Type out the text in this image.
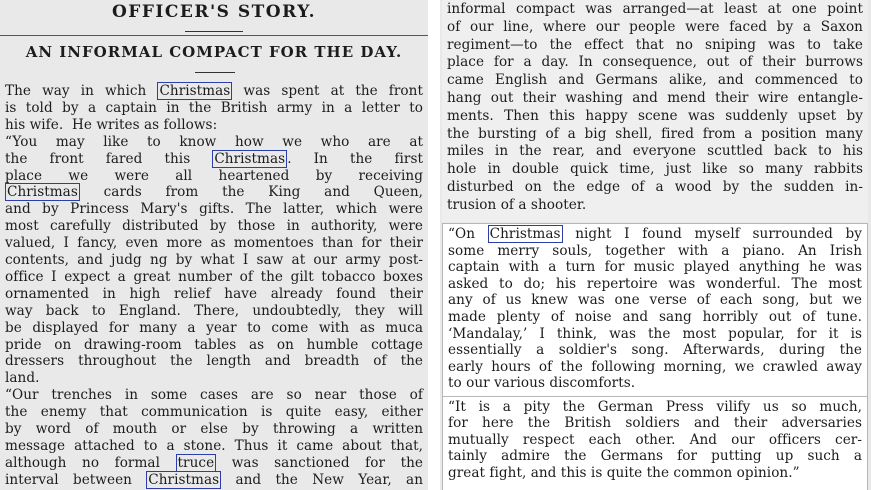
OFFICER'S STORY.
AN INFORMAL COMPACT FOR THE DAY.
The way in which Christmas was spent at the front
is told by a captain in the British army in a letter to
his wife.  He writes as follows:
“You may like to know how we who are at
the front fared this Christmas . In the first
place we were all heartened by receiving
Christmas cards from the King and Queen,
and by Princess Mary's gifts. The latter, which were
most carefully distributed by those in authority, were
valued, I fancy, even more as momentoes than for their
contents, and judg ng by what I saw at our army post-
office I expect a great number of the gilt tobacco boxes
ornamented in high relief have already found their
way back to England. There, undoubtedly, they will
be displayed for many a year to come with as muca
pride on drawing-room tables as on humble cottage
dressers throughout the length and breadth of the
land.
“Our trenches in some cases are so near those of
the enemy that communication is quite easy, either
by word of mouth or else by throwing a written
message attached to a stone. Thus it came about that,
although no formal truce was sanctioned for the
interval between Christmas and the New Year, an
informal compact was arranged—at least at one point
of our line, where our people were faced by a Saxon
regiment—to the effect that no sniping was to take
place for a day. In consequence, out of their burrows
came English and Germans alike, and commenced to
hang out their washing and mend their wire entangle-
ments. Then this happy scene was suddenly upset by
the bursting of a big shell, fired from a position many
miles in the rear, and everyone scuttled back to his
hole in double quick time, just like so many rabbits
disturbed on the edge of a wood by the sudden in-
trusion of a shooter.
“On Christmas night I found myself surrounded by
some merry souls, together with a piano. An Irish
captain with a turn for music played anything he was
asked to do; his repertoire was wonderful. The most
any of us knew was one verse of each song, but we
made plenty of noise and sang horribly out of tune.
‘Mandalay,’ I think, was the most popular, for it is
essentially a soldier's song. Afterwards, during the
early hours of the following morning, we crawled away
to our various discomforts.
“It is a pity the German Press vilify us so much,
for here the British soldiers and their adversaries
mutually respect each other. And our officers cer-
tainly admire the Germans for putting up such a
great fight, and this is quite the common opinion.”
